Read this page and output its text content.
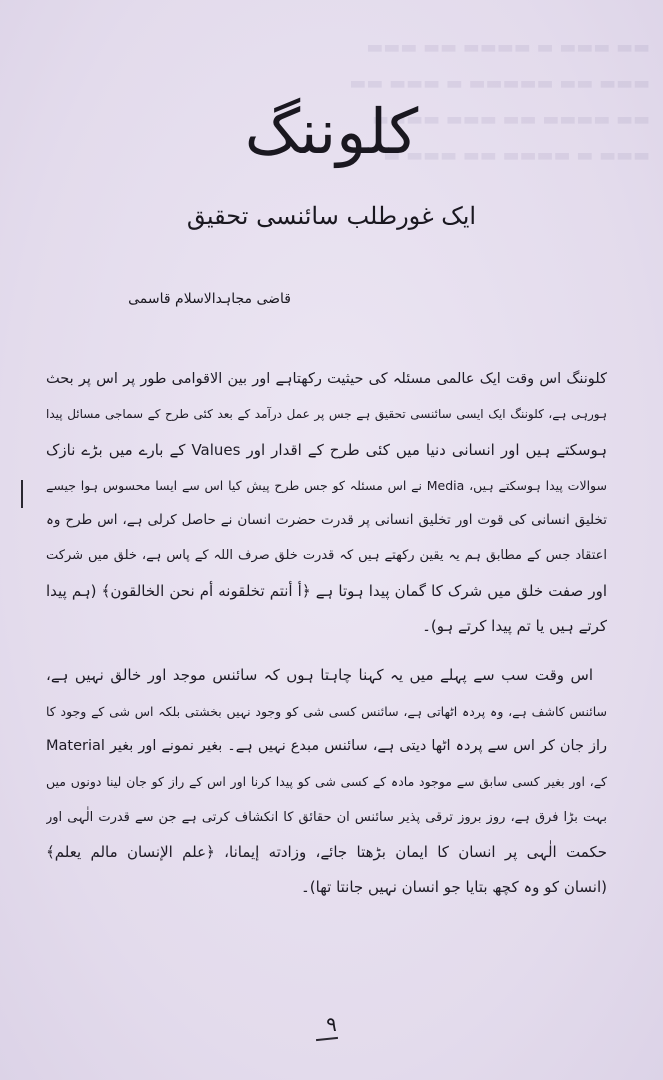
▬▬ ▬▬▬ ▬ ▬▬▬▬ ▬▬ ▬▬▬
▬▬▬ ▬▬ ▬▬▬▬▬ ▬ ▬▬▬ ▬▬
▬▬ ▬▬▬▬ ▬▬ ▬▬▬ ▬▬▬▬
▬▬▬ ▬ ▬▬▬▬ ▬▬ ▬▬▬ ▬
کلوننگ
ایک غورطلب سائنسی تحقیق
قاضی مجاہدالاسلام قاسمی
کلوننگ اس وقت ایک عالمی مسئلہ کی حیثیت رکھتاہے اور بین الاقوامی طور پر اس پر بحث
ہورہی ہے، کلوننگ ایک ایسی سائنسی تحقیق ہے جس پر عمل درآمد کے بعد کئی طرح کے سماجی مسائل پیدا
ہوسکتے ہیں اور انسانی دنیا میں کئی طرح کے اقدار اور Values کے بارے میں بڑے نازک
سوالات پیدا ہوسکتے ہیں، Media نے اس مسئلہ کو جس طرح پیش کیا اس سے ایسا محسوس ہوا جیسے
تخلیق انسانی کی قوت اور تخلیق انسانی پر قدرت حضرت انسان نے حاصل کرلی ہے، اس طرح وہ
اعتقاد جس کے مطابق ہم یہ یقین رکھتے ہیں کہ قدرت خلق صرف اللہ کے پاس ہے، خلق میں شرکت
اور صفت خلق میں شرک کا گمان پیدا ہوتا ہے ﴿أ أنتم تخلقونه أم نحن الخالقون﴾ (ہم پیدا
کرتے ہیں یا تم پیدا کرتے ہو)۔
اس وقت سب سے پہلے میں یہ کہنا چاہتا ہوں کہ سائنس موجد اور خالق نہیں ہے،
سائنس کاشف ہے، وہ پردہ اٹھاتی ہے، سائنس کسی شی کو وجود نہیں بخشتی بلکہ اس شی کے وجود کا
راز جان کر اس سے پردہ اٹھا دیتی ہے، سائنس مبدع نہیں ہے۔ بغیر نمونے اور بغیر Material
کے، اور بغیر کسی سابق سے موجود مادہ کے کسی شی کو پیدا کرنا اور اس کے راز کو جان لینا دونوں میں
بہت بڑا فرق ہے، روز بروز ترقی پذیر سائنس ان حقائق کا انکشاف کرتی ہے جن سے قدرت الٰہی اور
حکمت الٰہی پر انسان کا ایمان بڑھتا جائے، وزادته إيمانا، ﴿علم الإنسان مالم يعلم﴾
(انسان کو وہ کچھ بتایا جو انسان نہیں جانتا تھا)۔
۹
